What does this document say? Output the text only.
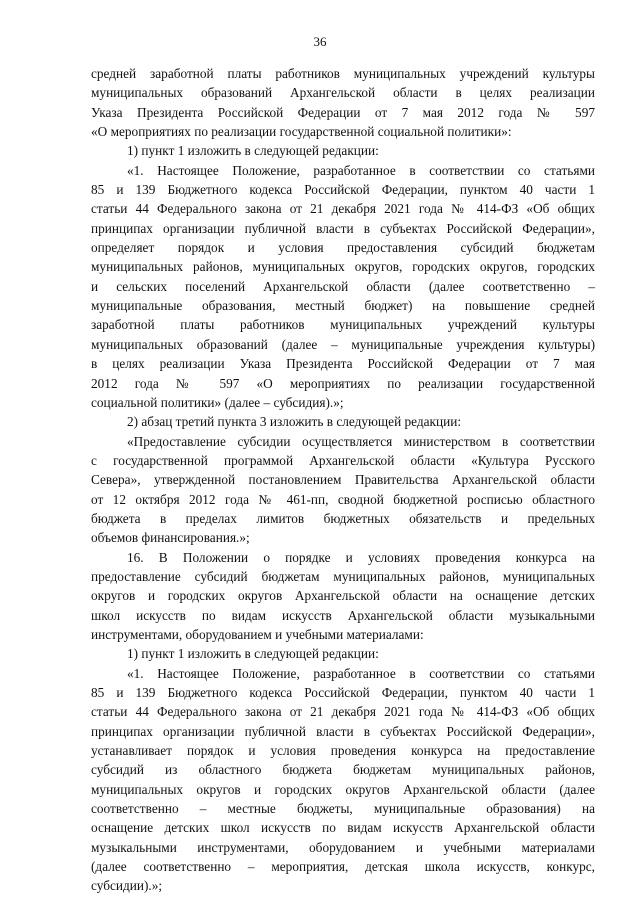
36
средней заработной платы работников муниципальных учреждений культуры
муниципальных образований Архангельской области в целях реализации
Указа Президента Российской Федерации от 7 мая 2012 года № 597
«О мероприятиях по реализации государственной социальной политики»:
1) пункт 1 изложить в следующей редакции:
«1. Настоящее Положение, разработанное в соответствии со статьями
85 и 139 Бюджетного кодекса Российской Федерации, пунктом 40 части 1
статьи 44 Федерального закона от 21 декабря 2021 года № 414-ФЗ «Об общих
принципах организации публичной власти в субъектах Российской Федерации»,
определяет порядок и условия предоставления субсидий бюджетам
муниципальных районов, муниципальных округов, городских округов, городских
и сельских поселений Архангельской области (далее соответственно –
муниципальные образования, местный бюджет) на повышение средней
заработной платы работников муниципальных учреждений культуры
муниципальных образований (далее – муниципальные учреждения культуры)
в целях реализации Указа Президента Российской Федерации от 7 мая
2012 года № 597 «О мероприятиях по реализации государственной
социальной политики» (далее – субсидия).»;
2) абзац третий пункта 3 изложить в следующей редакции:
«Предоставление субсидии осуществляется министерством в соответствии
с государственной программой Архангельской области «Культура Русского
Севера», утвержденной постановлением Правительства Архангельской области
от 12 октября 2012 года № 461-пп, сводной бюджетной росписью областного
бюджета в пределах лимитов бюджетных обязательств и предельных
объемов финансирования.»;
16. В Положении о порядке и условиях проведения конкурса на
предоставление субсидий бюджетам муниципальных районов, муниципальных
округов и городских округов Архангельской области на оснащение детских
школ искусств по видам искусств Архангельской области музыкальными
инструментами, оборудованием и учебными материалами:
1) пункт 1 изложить в следующей редакции:
«1. Настоящее Положение, разработанное в соответствии со статьями
85 и 139 Бюджетного кодекса Российской Федерации, пунктом 40 части 1
статьи 44 Федерального закона от 21 декабря 2021 года № 414-ФЗ «Об общих
принципах организации публичной власти в субъектах Российской Федерации»,
устанавливает порядок и условия проведения конкурса на предоставление
субсидий из областного бюджета бюджетам муниципальных районов,
муниципальных округов и городских округов Архангельской области (далее
соответственно – местные бюджеты, муниципальные образования) на
оснащение детских школ искусств по видам искусств Архангельской области
музыкальными инструментами, оборудованием и учебными материалами
(далее соответственно – мероприятия, детская школа искусств, конкурс,
субсидии).»;
